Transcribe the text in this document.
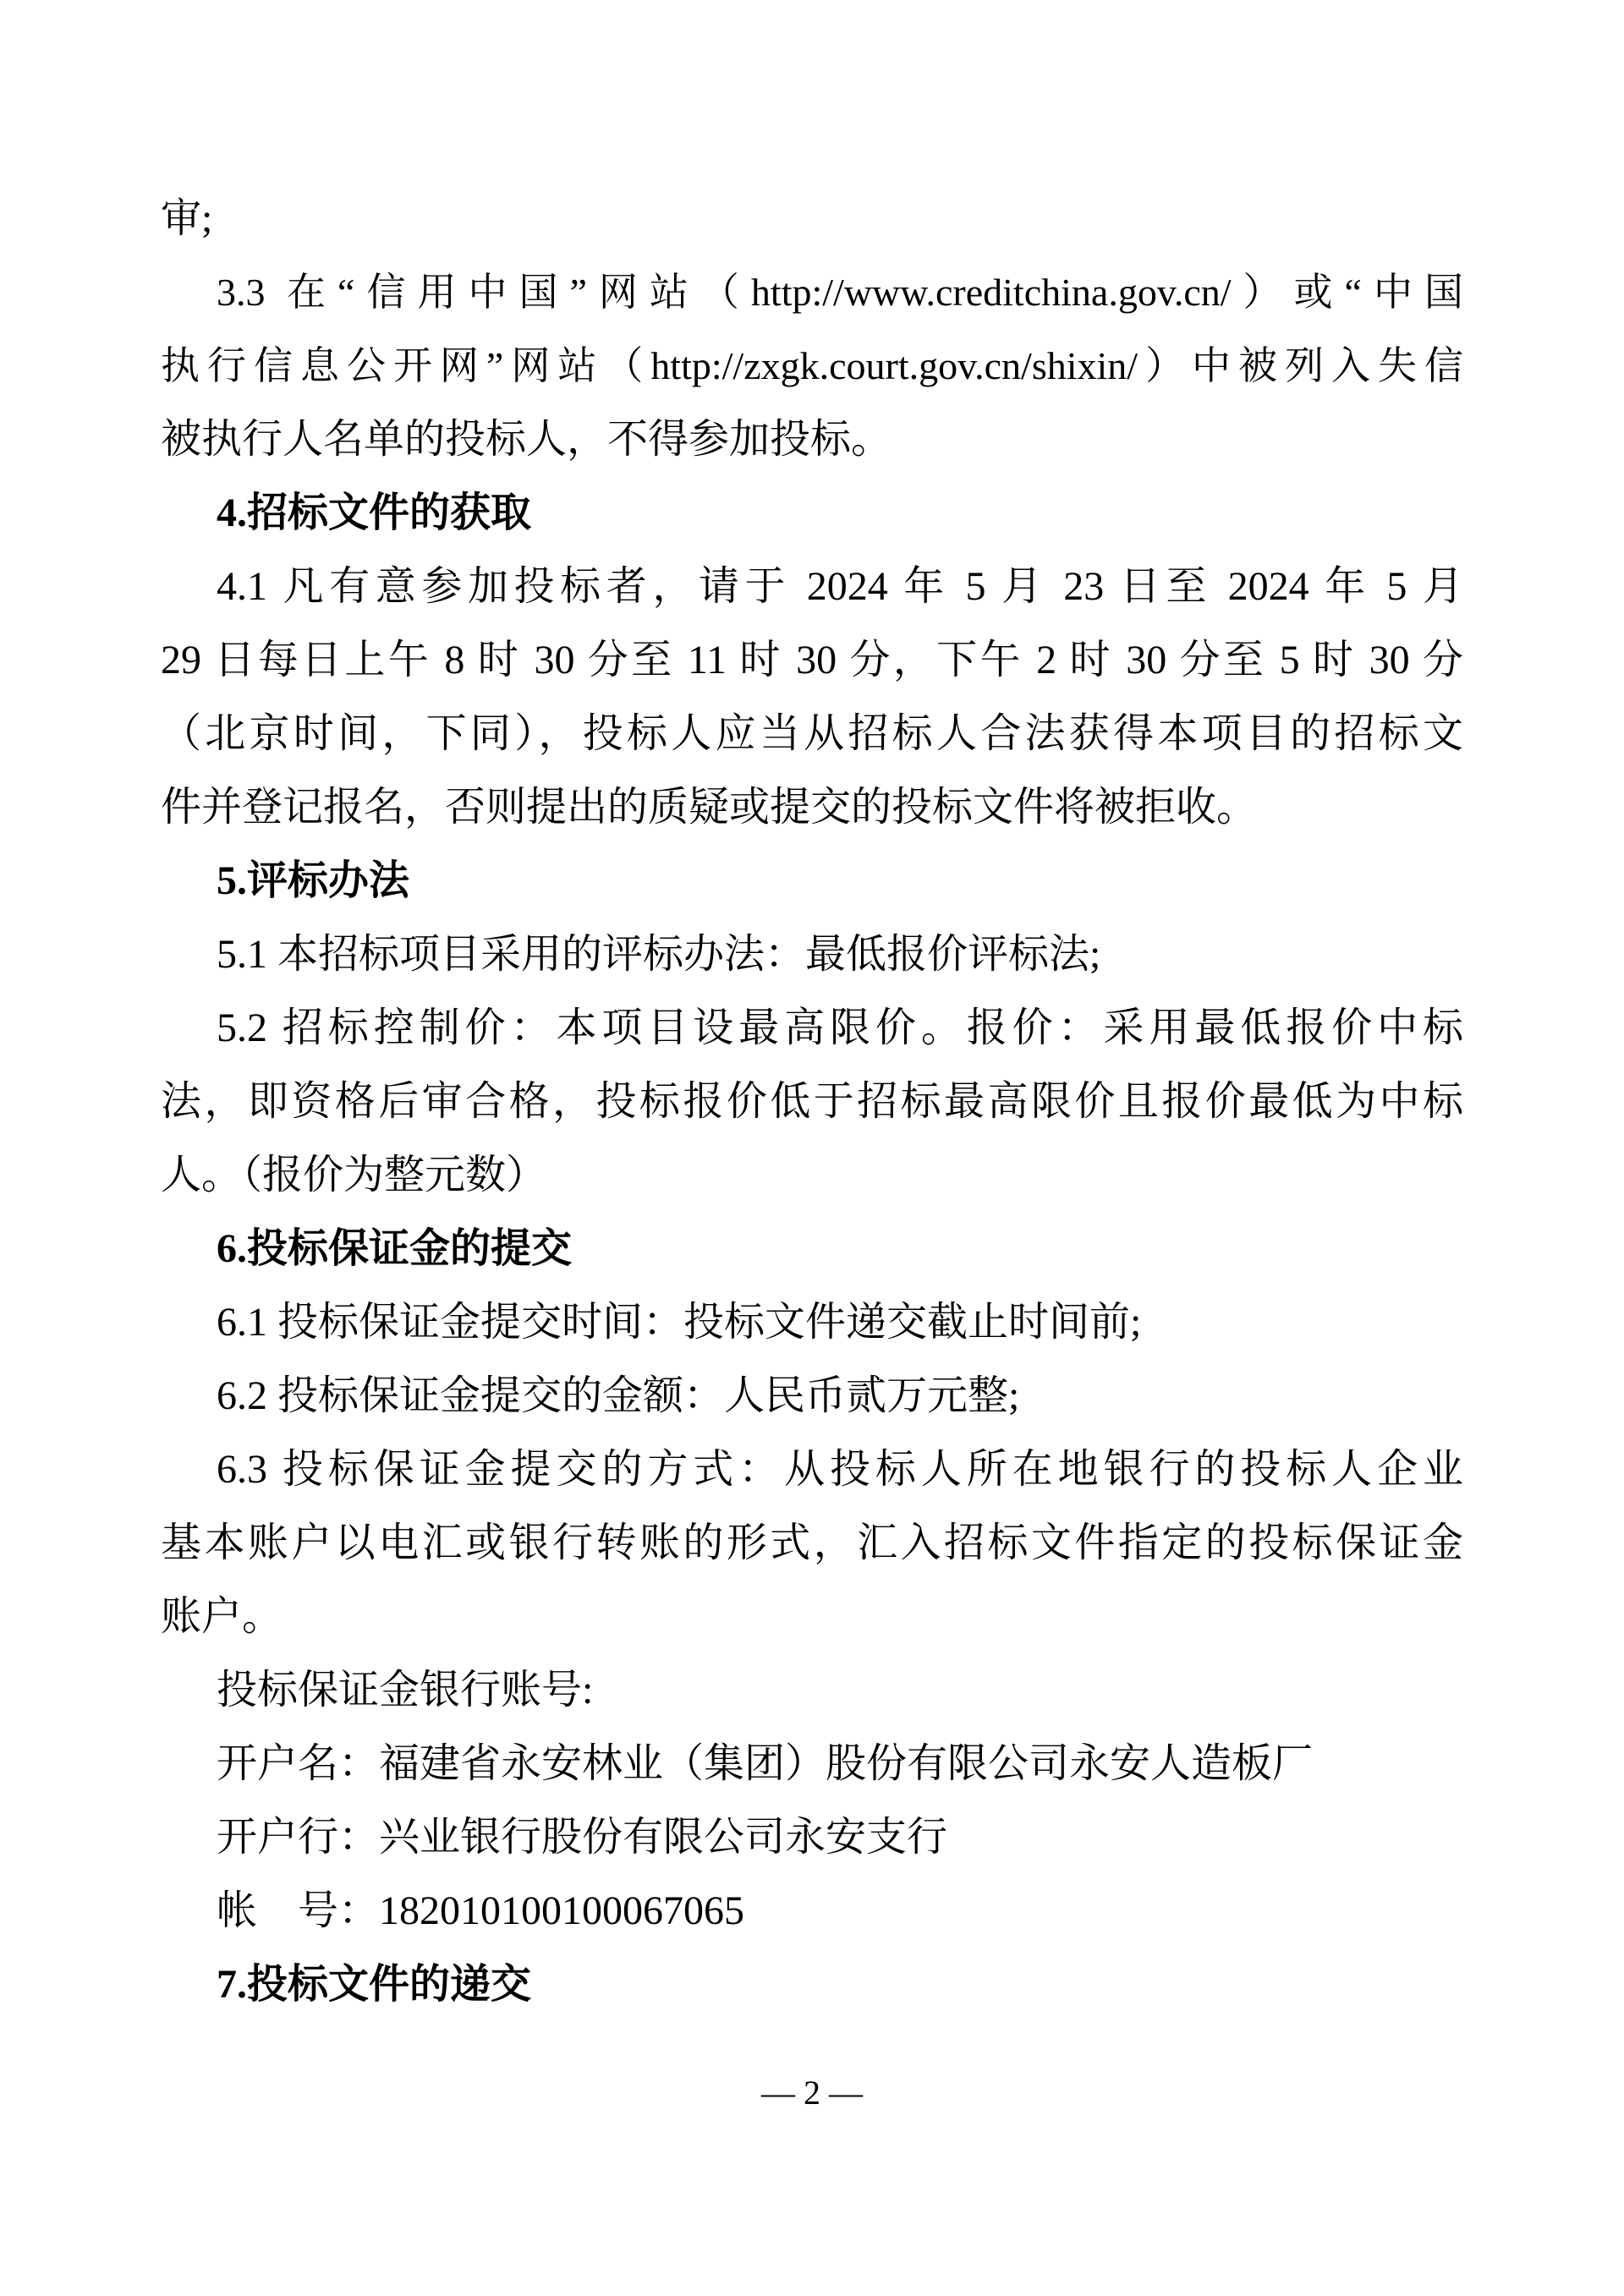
审;
3.3 在“信用中国”网站（http://www.creditchina.gov.cn/）或“中国
执行信息公开网”网站（http://zxgk.court.gov.cn/shixin/）中被列入失信
被执行人名单的投标人，不得参加投标。
4.招标文件的获取
4.1 凡有意参加投标者，请于 2024 年 5 月 23 日至 2024 年 5 月
29 日每日上午 8 时 30 分至 11 时 30 分，下午 2 时 30 分至 5 时 30 分
（北京时间，下同），投标人应当从招标人合法获得本项目的招标文
件并登记报名，否则提出的质疑或提交的投标文件将被拒收。
5.评标办法
5.1 本招标项目采用的评标办法：最低报价评标法;
5.2 招标控制价：本项目设最高限价。报价：采用最低报价中标
法，即资格后审合格，投标报价低于招标最高限价且报价最低为中标
人。（报价为整元数）
6.投标保证金的提交
6.1 投标保证金提交时间：投标文件递交截止时间前;
6.2 投标保证金提交的金额：人民币贰万元整;
6.3 投标保证金提交的方式：从投标人所在地银行的投标人企业
基本账户以电汇或银行转账的形式，汇入招标文件指定的投标保证金
账户。
投标保证金银行账号:
开户名：福建省永安林业（集团）股份有限公司永安人造板厂
开户行：兴业银行股份有限公司永安支行
帐　号：182010100100067065
7.投标文件的递交
— 2 —
